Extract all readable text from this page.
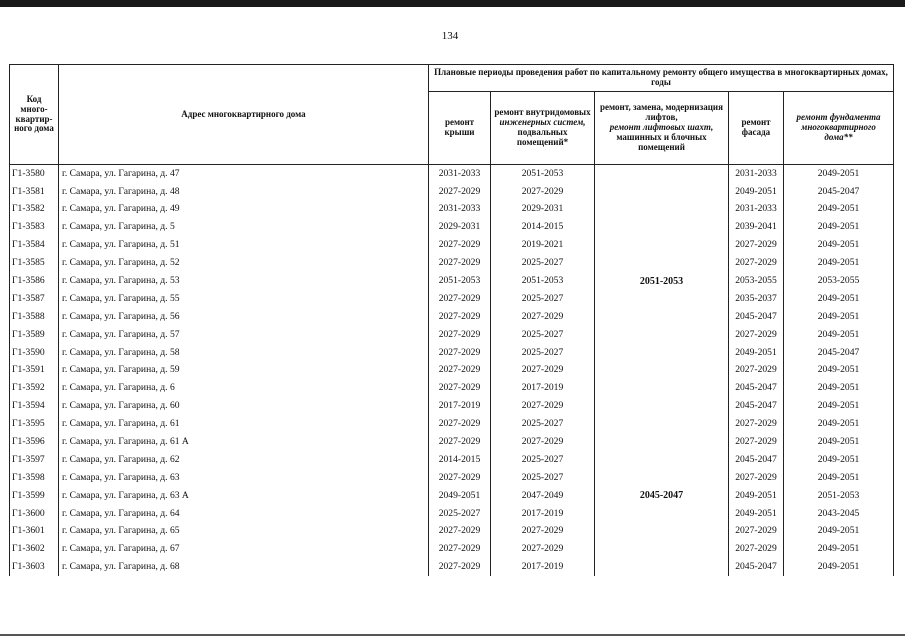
134
Код много-квартир-ного дома	Адрес многоквартирного дома	Плановые периоды проведения работ по капитальному ремонту общего имущества в многоквартирных домах, годы				
		ремонт крыши	ремонт внутридомовых
инженерных систем,
подвальных помещений*	ремонт, замена, модернизация лифтов,
ремонт лифтовых шахт,
машинных и блочных помещений	ремонт фасада	ремонт фундамента многоквартирного дома**
Г1-3580	г. Самара, ул. Гагарина, д. 47	2031-2033	2051-2053		2031-2033	2049-2051
Г1-3581	г. Самара, ул. Гагарина, д. 48	2027-2029	2027-2029		2049-2051	2045-2047
Г1-3582	г. Самара, ул. Гагарина, д. 49	2031-2033	2029-2031		2031-2033	2049-2051
Г1-3583	г. Самара, ул. Гагарина, д. 5	2029-2031	2014-2015		2039-2041	2049-2051
Г1-3584	г. Самара, ул. Гагарина, д. 51	2027-2029	2019-2021		2027-2029	2049-2051
Г1-3585	г. Самара, ул. Гагарина, д. 52	2027-2029	2025-2027		2027-2029	2049-2051
Г1-3586	г. Самара, ул. Гагарина, д. 53	2051-2053	2051-2053	2051-2053	2053-2055	2053-2055
Г1-3587	г. Самара, ул. Гагарина, д. 55	2027-2029	2025-2027		2035-2037	2049-2051
Г1-3588	г. Самара, ул. Гагарина, д. 56	2027-2029	2027-2029		2045-2047	2049-2051
Г1-3589	г. Самара, ул. Гагарина, д. 57	2027-2029	2025-2027		2027-2029	2049-2051
Г1-3590	г. Самара, ул. Гагарина, д. 58	2027-2029	2025-2027		2049-2051	2045-2047
Г1-3591	г. Самара, ул. Гагарина, д. 59	2027-2029	2027-2029		2027-2029	2049-2051
Г1-3592	г. Самара, ул. Гагарина, д. 6	2027-2029	2017-2019		2045-2047	2049-2051
Г1-3594	г. Самара, ул. Гагарина, д. 60	2017-2019	2027-2029		2045-2047	2049-2051
Г1-3595	г. Самара, ул. Гагарина, д. 61	2027-2029	2025-2027		2027-2029	2049-2051
Г1-3596	г. Самара, ул. Гагарина, д. 61 А	2027-2029	2027-2029		2027-2029	2049-2051
Г1-3597	г. Самара, ул. Гагарина, д. 62	2014-2015	2025-2027		2045-2047	2049-2051
Г1-3598	г. Самара, ул. Гагарина, д. 63	2027-2029	2025-2027		2027-2029	2049-2051
Г1-3599	г. Самара, ул. Гагарина, д. 63 А	2049-2051	2047-2049	2045-2047	2049-2051	2051-2053
Г1-3600	г. Самара, ул. Гагарина, д. 64	2025-2027	2017-2019		2049-2051	2043-2045
Г1-3601	г. Самара, ул. Гагарина, д. 65	2027-2029	2027-2029		2027-2029	2049-2051
Г1-3602	г. Самара, ул. Гагарина, д. 67	2027-2029	2027-2029		2027-2029	2049-2051
Г1-3603	г. Самара, ул. Гагарина, д. 68	2027-2029	2017-2019		2045-2047	2049-2051
